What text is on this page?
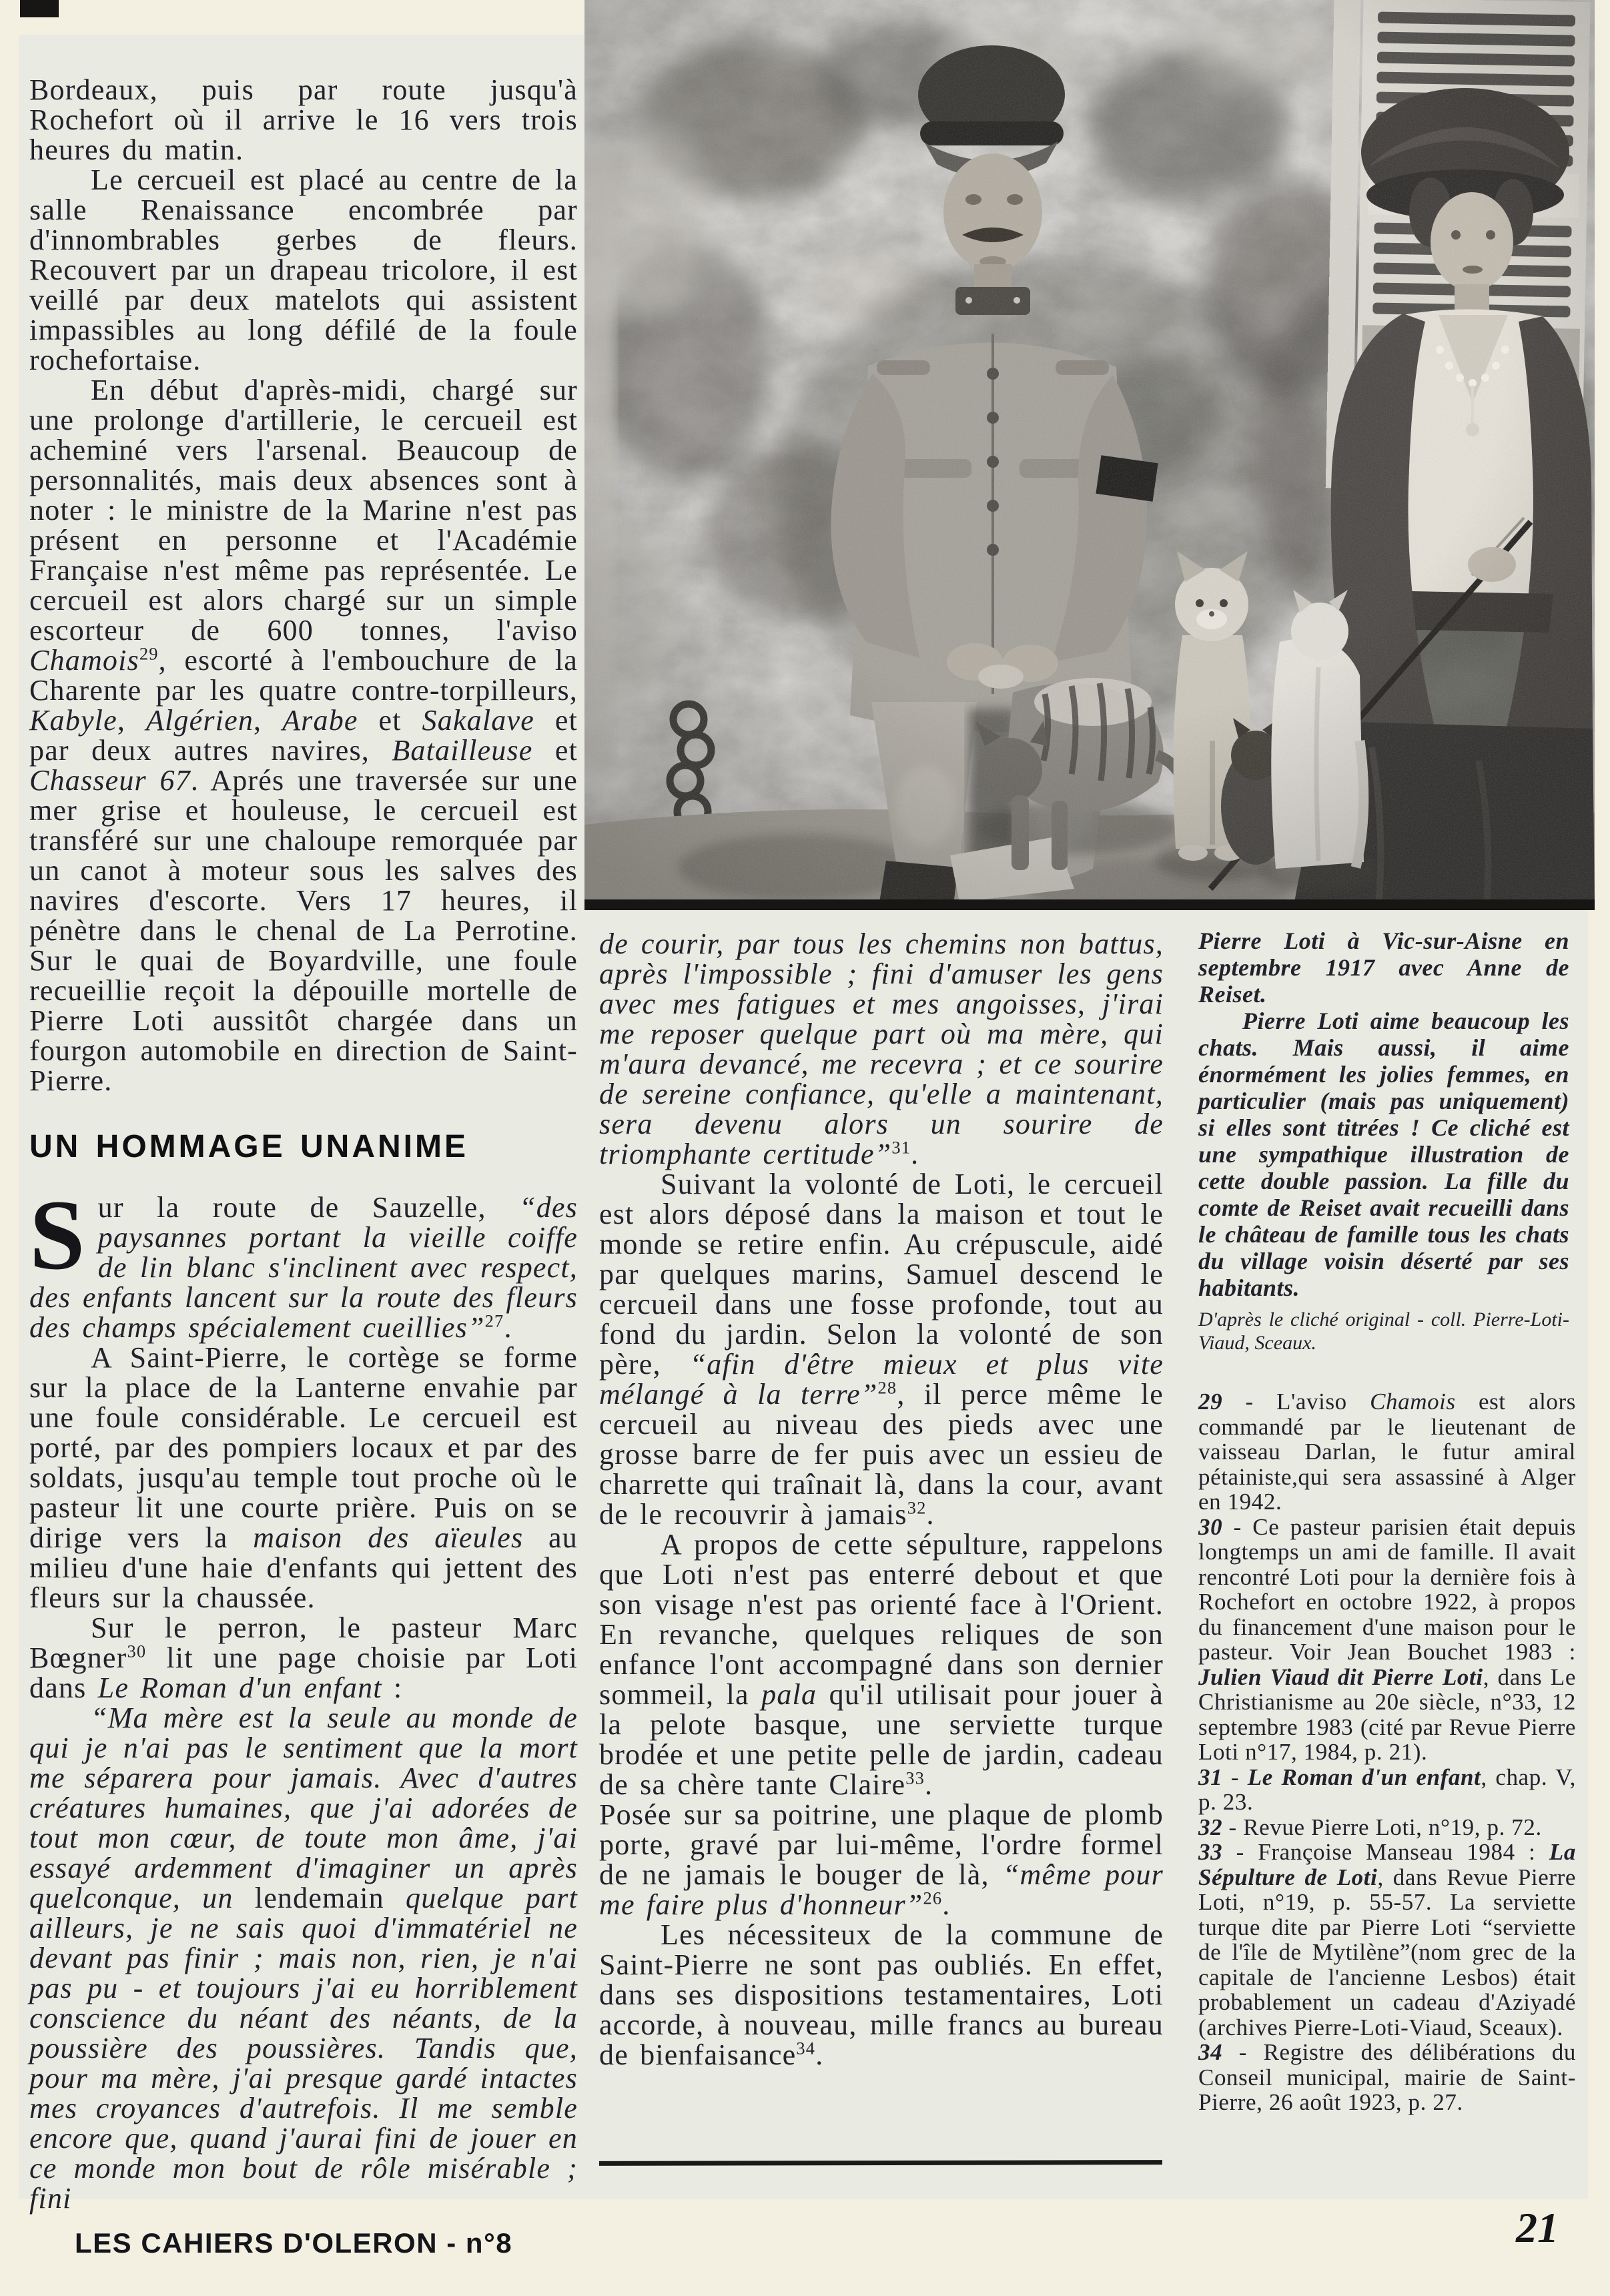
Bordeaux, puis par route jusqu'à Rochefort où il arrive le 16 vers trois heures du matin.

Le cercueil est placé au centre de la salle Renaissance encombrée par d'innombrables gerbes de fleurs. Recouvert par un drapeau tricolore, il est veillé par deux matelots qui assistent impassibles au long défilé de la foule rochefortaise.

En début d'après-midi, chargé sur une prolonge d'artillerie, le cercueil est acheminé vers l'arsenal. Beaucoup de personnalités, mais deux absences sont à noter : le ministre de la Marine n'est pas présent en personne et l'Académie Française n'est même pas représentée. Le cercueil est alors chargé sur un simple escorteur de 600 tonnes, l'aviso Chamois$^{29}$, escorté à l'embouchure de la Charente par les quatre contre-torpilleurs, Kabyle, Algérien, Arabe et Sakalave et par deux autres navires, Batailleuse et Chasseur 67. Aprés une traversée sur une mer grise et houleuse, le cercueil est transféré sur une chaloupe remorquée par un canot à moteur sous les salves des navires d'escorte. Vers 17 heures, il pénètre dans le chenal de La Perrotine. Sur le quai de Boyardville, une foule recueillie reçoit la dépouille mortelle de Pierre Loti aussitôt chargée dans un fourgon automobile en direction de Saint-Pierre.

UN HOMMAGE UNANIME

Sur la route de Sauzelle, “des paysannes portant la vieille coiffe de lin blanc s'inclinent avec respect, des enfants lancent sur la route des fleurs des champs spécialement cueillies”$^{27}$.

A Saint-Pierre, le cortège se forme sur la place de la Lanterne envahie par une foule considérable. Le cercueil est porté, par des pompiers locaux et par des soldats, jusqu'au temple tout proche où le pasteur lit une courte prière. Puis on se dirige vers la maison des aïeules au milieu d'une haie d'enfants qui jettent des fleurs sur la chaussée.

Sur le perron, le pasteur Marc Bœgner$^{30}$ lit une page choisie par Loti dans Le Roman d'un enfant :

“Ma mère est la seule au monde de qui je n'ai pas le sentiment que la mort me séparera pour jamais. Avec d'autres créatures humaines, que j'ai adorées de tout mon cœur, de toute mon âme, j'ai essayé ardemment d'imaginer un après quelconque, un lendemain quelque part ailleurs, je ne sais quoi d'immatériel ne devant pas finir ; mais non, rien, je n'ai pas pu - et toujours j'ai eu horriblement conscience du néant des néants, de la poussière des poussières. Tandis que, pour ma mère, j'ai presque gardé intactes mes croyances d'autrefois. Il me semble encore que, quand j'aurai fini de jouer en ce monde mon bout de rôle misérable ; fini

de courir, par tous les chemins non battus, après l'impossible ; fini d'amuser les gens avec mes fatigues et mes angoisses, j'irai me reposer quelque part où ma mère, qui m'aura devancé, me recevra ; et ce sourire de sereine confiance, qu'elle a maintenant, sera devenu alors un sourire de triomphante certitude”$^{31}$.

Suivant la volonté de Loti, le cercueil est alors déposé dans la maison et tout le monde se retire enfin. Au crépuscule, aidé par quelques marins, Samuel descend le cercueil dans une fosse profonde, tout au fond du jardin. Selon la volonté de son père, “afin d'être mieux et plus vite mélangé à la terre”$^{28}$, il perce même le cercueil au niveau des pieds avec une grosse barre de fer puis avec un essieu de charrette qui traînait là, dans la cour, avant de le recouvrir à jamais$^{32}$.

A propos de cette sépulture, rappelons que Loti n'est pas enterré debout et que son visage n'est pas orienté face à l'Orient. En revanche, quelques reliques de son enfance l'ont accompagné dans son dernier sommeil, la pala qu'il utilisait pour jouer à la pelote basque, une serviette turque brodée et une petite pelle de jardin, cadeau de sa chère tante Claire$^{33}$.

Posée sur sa poitrine, une plaque de plomb porte, gravé par lui-même, l'ordre formel de ne jamais le bouger de là, “même pour me faire plus d'honneur”$^{26}$.

Les nécessiteux de la commune de Saint-Pierre ne sont pas oubliés. En effet, dans ses dispositions testamentaires, Loti accorde, à nouveau, mille francs au bureau de bienfaisance$^{34}$.

Pierre Loti à Vic-sur-Aisne en septembre 1917 avec Anne de Reiset.

Pierre Loti aime beaucoup les chats. Mais aussi, il aime énormément les jolies femmes, en particulier (mais pas uniquement) si elles sont titrées ! Ce cliché est une sympathique illustration de cette double passion. La fille du comte de Reiset avait recueilli dans le château de famille tous les chats du village voisin déserté par ses habitants.

D'après le cliché original - coll. Pierre-Loti-Viaud, Sceaux.

29 - L'aviso Chamois est alors commandé par le lieutenant de vaisseau Darlan, le futur amiral pétainiste,qui sera assassiné à Alger en 1942.

30 - Ce pasteur parisien était depuis longtemps un ami de famille. Il avait rencontré Loti pour la dernière fois à Rochefort en octobre 1922, à propos du financement d'une maison pour le pasteur. Voir Jean Bouchet 1983 : Julien Viaud dit Pierre Loti, dans Le Christianisme au 20e siècle, n°33, 12 septembre 1983 (cité par Revue Pierre Loti n°17, 1984, p. 21).

31 - Le Roman d'un enfant, chap. V, p. 23.

32 - Revue Pierre Loti, n°19, p. 72.

33 - Françoise Manseau 1984 : La Sépulture de Loti, dans Revue Pierre Loti, n°19, p. 55-57. La serviette turque dite par Pierre Loti “serviette de l'île de Mytilène”(nom grec de la capitale de l'ancienne Lesbos) était probablement un cadeau d'Aziyadé (archives Pierre-Loti-Viaud, Sceaux).

34 - Registre des délibérations du Conseil municipal, mairie de Saint-Pierre, 26 août 1923, p. 27.

LES CAHIERS D'OLERON - n°8	21
